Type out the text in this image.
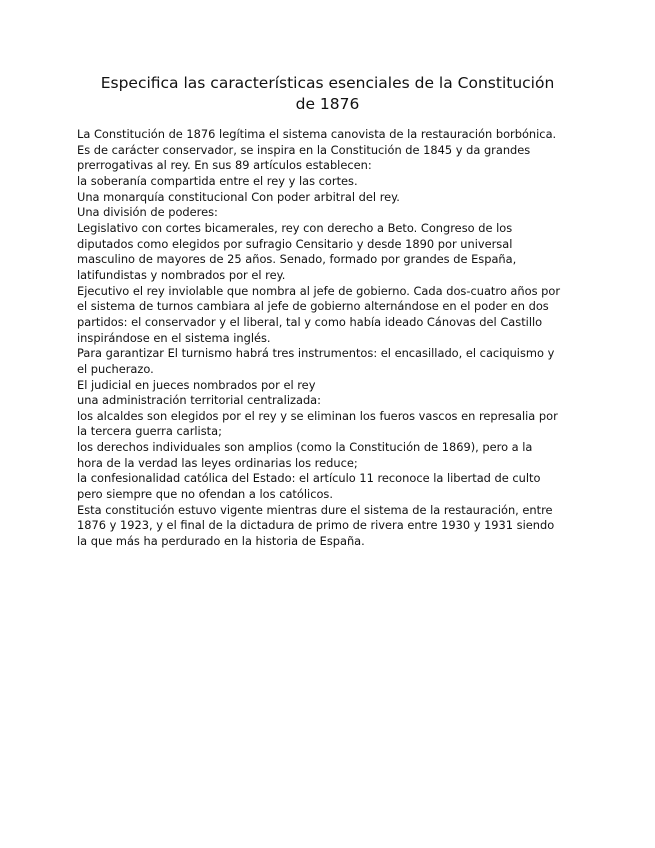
Especifica las características esenciales de la Constitución
de 1876
La Constitución de 1876 legítima el sistema canovista de la restauración borbónica.
Es de carácter conservador, se inspira en la Constitución de 1845 y da grandes
prerrogativas al rey. En sus 89 artículos establecen:
la soberanía compartida entre el rey y las cortes.
Una monarquía constitucional Con poder arbitral del rey.
Una división de poderes:
Legislativo con cortes bicamerales, rey con derecho a Beto. Congreso de los
diputados como elegidos por sufragio Censitario y desde 1890 por universal
masculino de mayores de 25 años. Senado, formado por grandes de España,
latifundistas y nombrados por el rey.
Ejecutivo el rey inviolable que nombra al jefe de gobierno. Cada dos-cuatro años por
el sistema de turnos cambiara al jefe de gobierno alternándose en el poder en dos
partidos: el conservador y el liberal, tal y como había ideado Cánovas del Castillo
inspirándose en el sistema inglés.
Para garantizar El turnismo habrá tres instrumentos: el encasillado, el caciquismo y
el pucherazo.
El judicial en jueces nombrados por el rey
una administración territorial centralizada:
los alcaldes son elegidos por el rey y se eliminan los fueros vascos en represalia por
la tercera guerra carlista;
los derechos individuales son amplios (como la Constitución de 1869), pero a la
hora de la verdad las leyes ordinarias los reduce;
la confesionalidad católica del Estado: el artículo 11 reconoce la libertad de culto
pero siempre que no ofendan a los católicos.
Esta constitución estuvo vigente mientras dure el sistema de la restauración, entre
1876 y 1923, y el final de la dictadura de primo de rivera entre 1930 y 1931 siendo
la que más ha perdurado en la historia de España.
